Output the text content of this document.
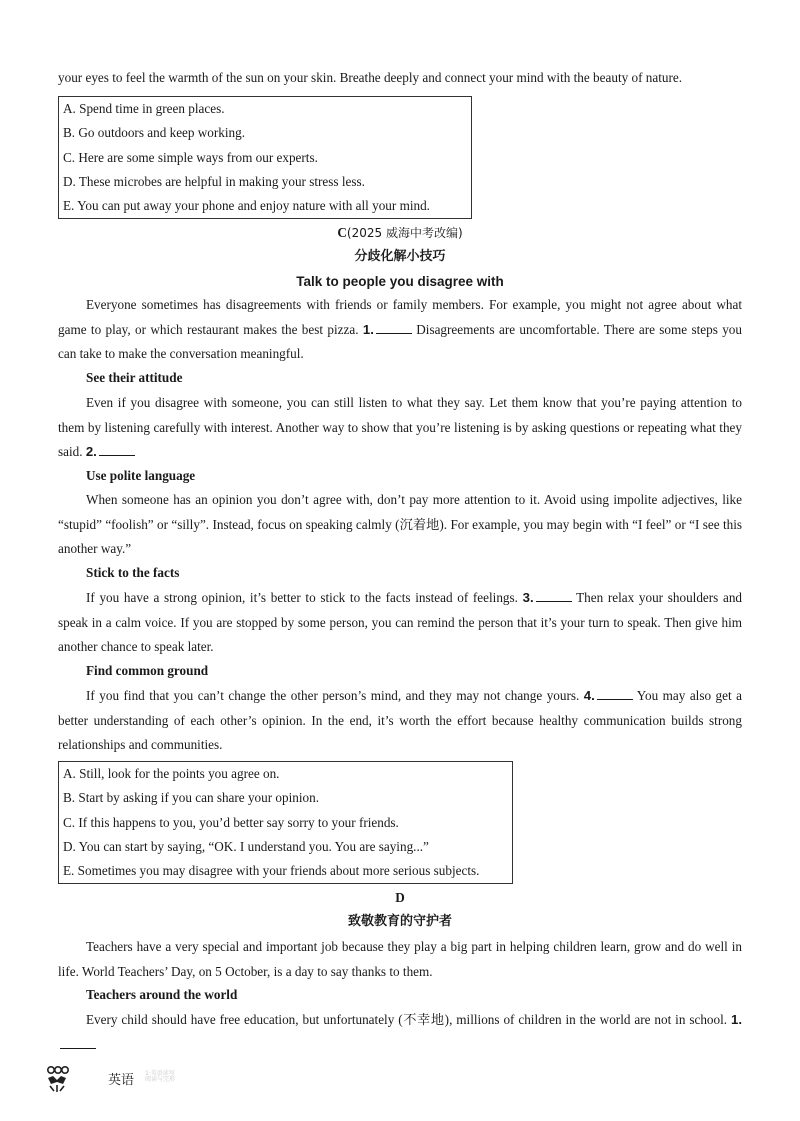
your eyes to feel the warmth of the sun on your skin. Breathe deeply and connect your mind with the beauty of nature.

A. Spend time in green places.
B. Go outdoors and keep working.
C. Here are some simple ways from our experts.
D. These microbes are helpful in making your stress less.
E. You can put away your phone and enjoy nature with all your mind.
C(2025 威海中考改编)
分歧化解小技巧
Talk to people you disagree with

Everyone sometimes has disagreements with friends or family members. For example, you might not agree about what game to play, or which restaurant makes the best pizza. 1.	Disagreements are uncomfortable. There are some steps you can take to make the conversation meaningful.

See their attitude

Even if you disagree with someone, you can still listen to what they say. Let them know that you’re paying attention to them by listening carefully with interest. Another way to show that you’re listening is by asking questions or repeating what they said. 2.

Use polite language

When someone has an opinion you don’t agree with, don’t pay more attention to it. Avoid using impolite adjectives, like “stupid” “foolish” or “silly”. Instead, focus on speaking calmly (沉着地). For example, you may begin with “I feel” or “I see this another way.”

Stick to the facts

If you have a strong opinion, it’s better to stick to the facts instead of feelings. 3.	Then relax your shoulders and speak in a calm voice. If you are stopped by some person, you can remind the person that it’s your turn to speak. Then give him another chance to speak later.

Find common ground

If you find that you can’t change the other person’s mind, and they may not change yours. 4.	You may also get a better understanding of each other’s opinion. In the end, it’s worth the effort because healthy communication builds strong relationships and communities.

A. Still, look for the points you agree on.
B. Start by asking if you can share your opinion.
C. If this happens to you, you’d better say sorry to your friends.
D. You can start by saying, “OK. I understand you. You are saying...”
E. Sometimes you may disagree with your friends about more serious subjects.
D
致敬教育的守护者

Teachers have a very special and important job because they play a big part in helping children learn, grow and do well in life. World Teachers’ Day, on 5 October, is a day to say thanks to them.

Teachers around the world

Every child should have free education, but unfortunately (不幸地), millions of children in the world are not in school. 1.

英语 1·英语读写
阅读与完形
